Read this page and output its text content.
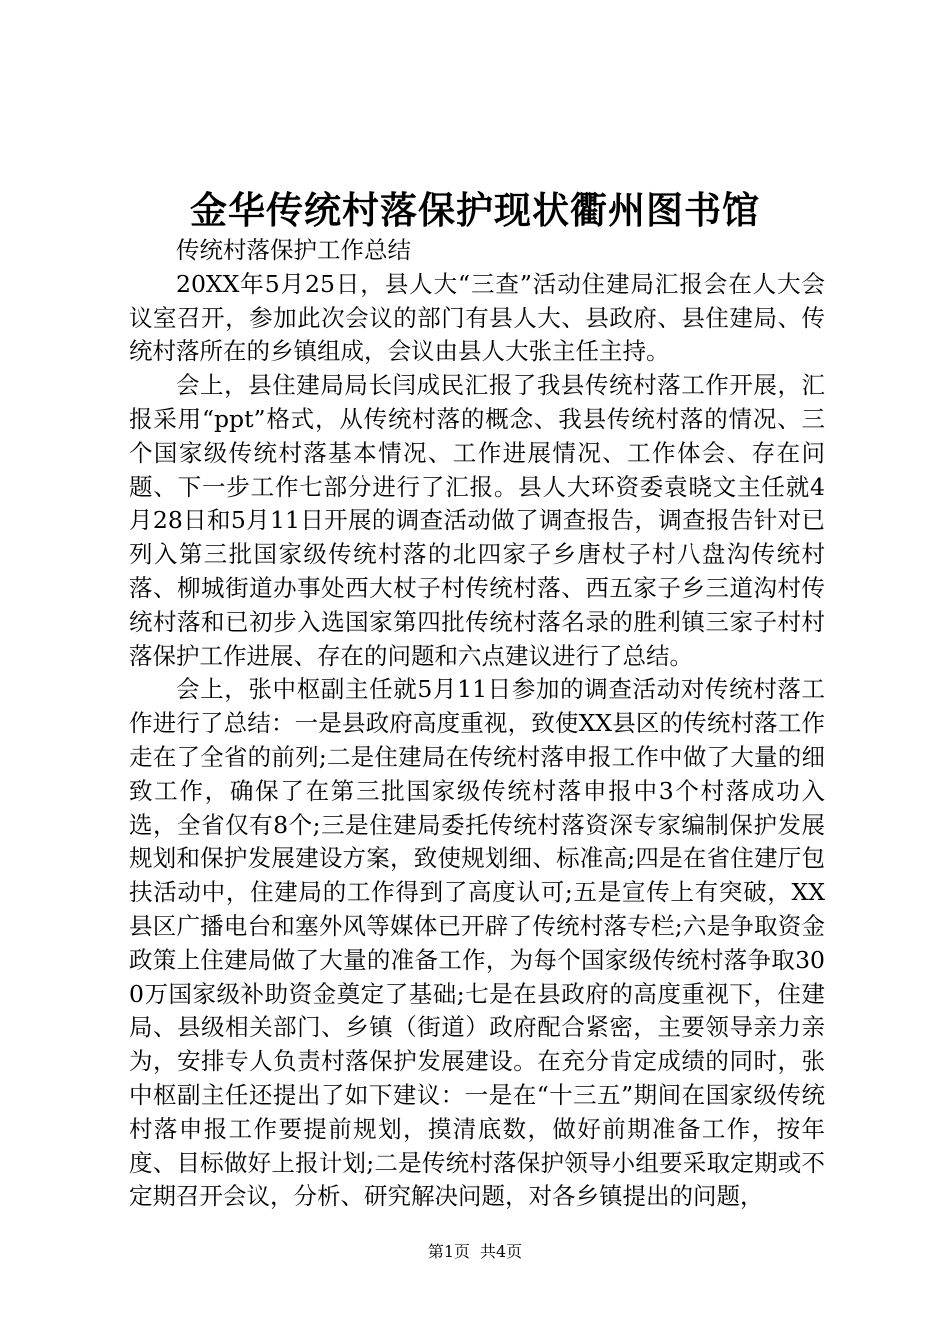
金华传统村落保护现状衢州图书馆

传统村落保护工作总结

20XX年5月25日，县人大“三查”活动住建局汇报会在人大会议室召开，参加此次会议的部门有县人大、县政府、县住建局、传统村落所在的乡镇组成，会议由县人大张主任主持。

会上，县住建局局长闫成民汇报了我县传统村落工作开展，汇报采用“ppt”格式，从传统村落的概念、我县传统村落的情况、三个国家级传统村落基本情况、工作进展情况、工作体会、存在问题、下一步工作七部分进行了汇报。县人大环资委袁晓文主任就4月28日和5月11日开展的调查活动做了调查报告，调查报告针对已列入第三批国家级传统村落的北四家子乡唐杖子村八盘沟传统村落、柳城街道办事处西大杖子村传统村落、西五家子乡三道沟村传统村落和已初步入选国家第四批传统村落名录的胜利镇三家子村村落保护工作进展、存在的问题和六点建议进行了总结。

会上，张中枢副主任就5月11日参加的调查活动对传统村落工作进行了总结：一是县政府高度重视，致使XX县区的传统村落工作走在了全省的前列;二是住建局在传统村落申报工作中做了大量的细致工作，确保了在第三批国家级传统村落申报中3个村落成功入选，全省仅有8个;三是住建局委托传统村落资深专家编制保护发展规划和保护发展建设方案，致使规划细、标准高;四是在省住建厅包扶活动中，住建局的工作得到了高度认可;五是宣传上有突破，XX县区广播电台和塞外风等媒体已开辟了传统村落专栏;六是争取资金政策上住建局做了大量的准备工作，为每个国家级传统村落争取300万国家级补助资金奠定了基础;七是在县政府的高度重视下，住建局、县级相关部门、乡镇（街道）政府配合紧密，主要领导亲力亲为，安排专人负责村落保护发展建设。在充分肯定成绩的同时，张中枢副主任还提出了如下建议：一是在“十三五”期间在国家级传统村落申报工作要提前规划，摸清底数，做好前期准备工作，按年度、目标做好上报计划;二是传统村落保护领导小组要采取定期或不定期召开会议，分析、研究解决问题，对各乡镇提出的问题，

第1页 共4页
